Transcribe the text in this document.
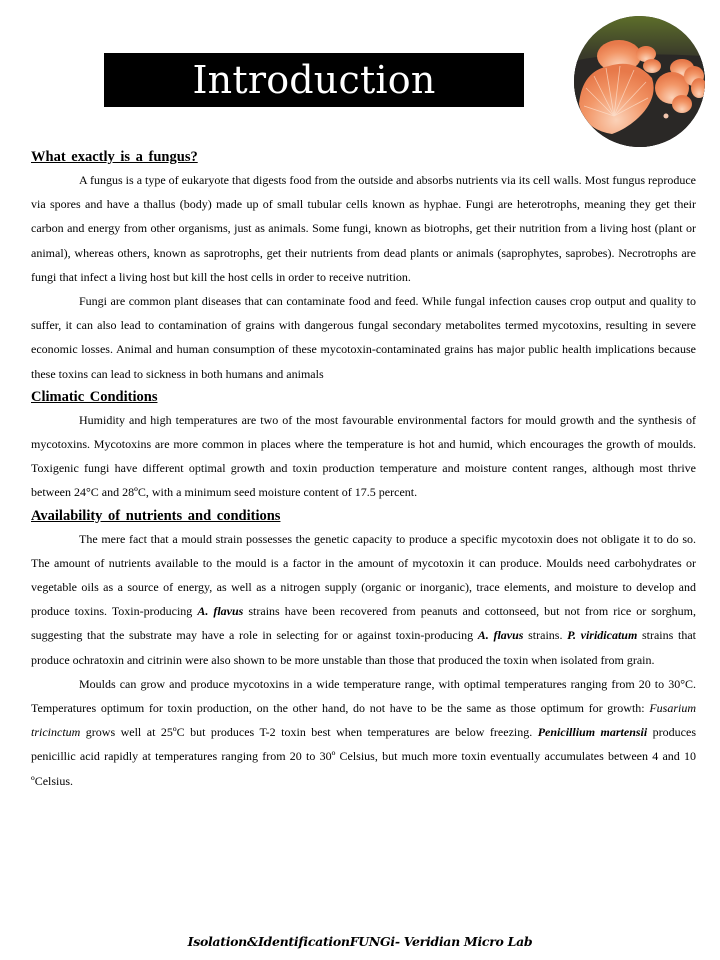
Introduction
What exactly is a fungus?

A fungus is a type of eukaryote that digests food from the outside and absorbs nutrients via its cell walls. Most fungus reproduce via spores and have a thallus (body) made up of small tubular cells known as hyphae. Fungi are heterotrophs, meaning they get their carbon and energy from other organisms, just as animals. Some fungi, known as biotrophs, get their nutrition from a living host (plant or animal), whereas others, known as saprotrophs, get their nutrients from dead plants or animals (saprophytes, saprobes). Necrotrophs are fungi that infect a living host but kill the host cells in order to receive nutrition.

Fungi are common plant diseases that can contaminate food and feed. While fungal infection causes crop output and quality to suffer, it can also lead to contamination of grains with dangerous fungal secondary metabolites termed mycotoxins, resulting in severe economic losses. Animal and human consumption of these mycotoxin-contaminated grains has major public health implications because these toxins can lead to sickness in both humans and animals

Climatic Conditions

Humidity and high temperatures are two of the most favourable environmental factors for mould growth and the synthesis of mycotoxins. Mycotoxins are more common in places where the temperature is hot and humid, which encourages the growth of moulds. Toxigenic fungi have different optimal growth and toxin production temperature and moisture content ranges, although most thrive between 24°C and 28ºC, with a minimum seed moisture content of 17.5 percent.

Availability of nutrients and conditions

The mere fact that a mould strain possesses the genetic capacity to produce a specific mycotoxin does not obligate it to do so. The amount of nutrients available to the mould is a factor in the amount of mycotoxin it can produce. Moulds need carbohydrates or vegetable oils as a source of energy, as well as a nitrogen supply (organic or inorganic), trace elements, and moisture to develop and produce toxins. Toxin-producing A. flavus strains have been recovered from peanuts and cottonseed, but not from rice or sorghum, suggesting that the substrate may have a role in selecting for or against toxin-producing A. flavus strains. P. viridicatum strains that produce ochratoxin and citrinin were also shown to be more unstable than those that produced the toxin when isolated from grain.

Moulds can grow and produce mycotoxins in a wide temperature range, with optimal temperatures ranging from 20 to 30°C. Temperatures optimum for toxin production, on the other hand, do not have to be the same as those optimum for growth: Fusarium tricinctum grows well at 25ºC but produces T-2 toxin best when temperatures are below freezing. Penicillium martensii produces penicillic acid rapidly at temperatures ranging from 20 to 30º Celsius, but much more toxin eventually accumulates between 4 and 10 ºCelsius.

Isolation&IdentificationFUNGi- Veridian Micro Lab
